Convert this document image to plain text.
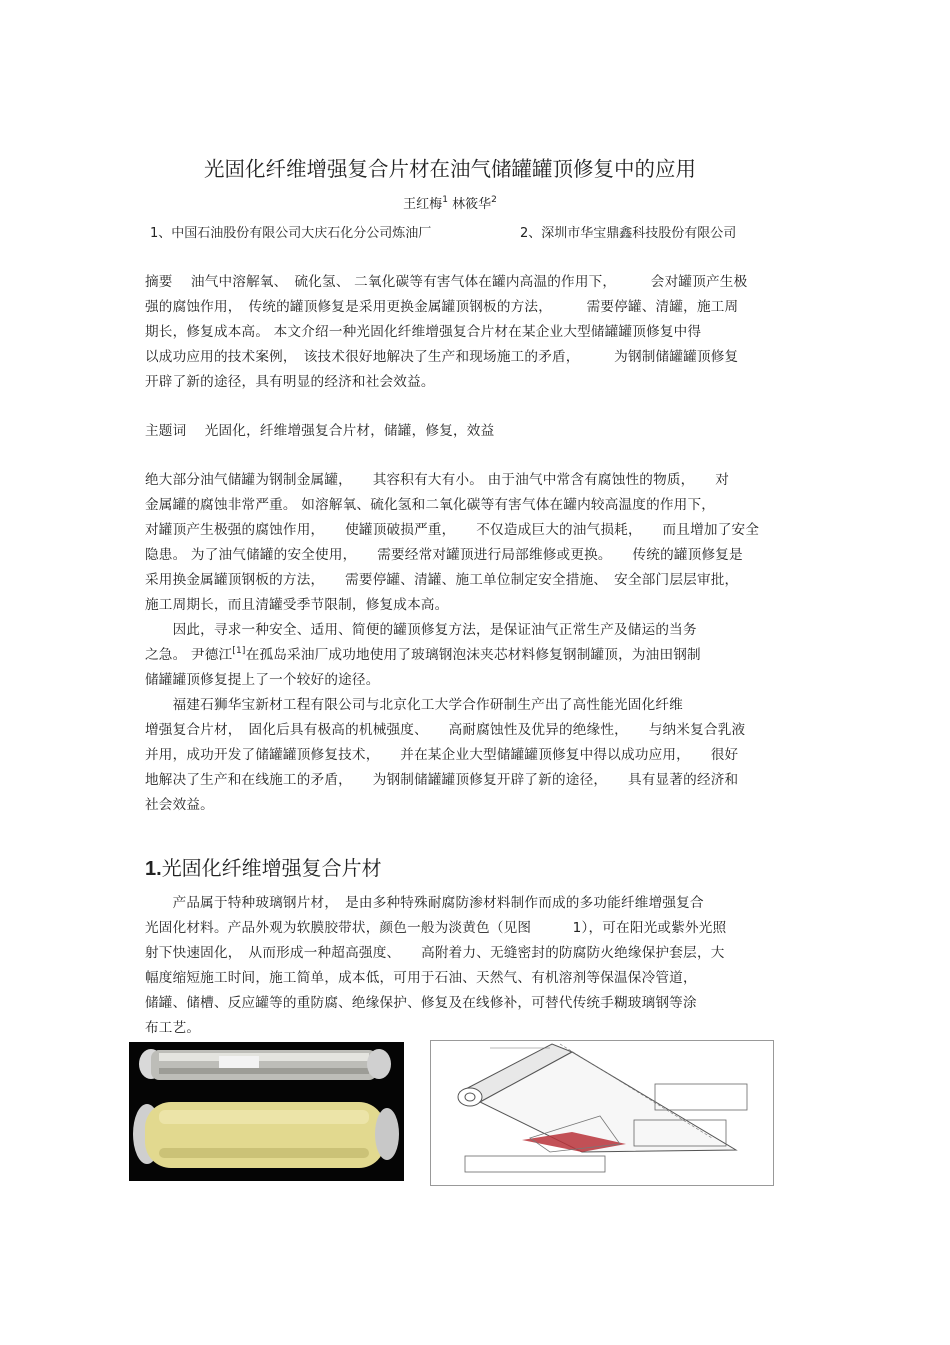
光固化纤维增强复合片材在油气储罐罐顶修复中的应用
王红梅$^1$ 林筱华$^2$
1、中国石油股份有限公司大庆石化分公司炼油厂	2、深圳市华宝鼎鑫科技股份有限公司
摘要　 油气中溶解氧、　硫化氢、 二氧化碳等有害气体在罐内高温的作用下，　　　会对罐顶产生极
强的腐蚀作用，　传统的罐顶修复是采用更换金属罐顶钢板的方法，　　　需要停罐、清罐，施工周
期长，修复成本高。 本文介绍一种光固化纤维增强复合片材在某企业大型储罐罐顶修复中得
以成功应用的技术案例，　该技术很好地解决了生产和现场施工的矛盾，　　　为钢制储罐罐顶修复
开辟了新的途径，具有明显的经济和社会效益。
主题词　 光固化，纤维增强复合片材，储罐，修复，效益
绝大部分油气储罐为钢制金属罐，　　其容积有大有小。 由于油气中常含有腐蚀性的物质，　　对
金属罐的腐蚀非常严重。 如溶解氧、硫化氢和二氧化碳等有害气体在罐内较高温度的作用下，
对罐顶产生极强的腐蚀作用，　　使罐顶破损严重，　　不仅造成巨大的油气损耗，　　而且增加了安全
隐患。 为了油气储罐的安全使用，　　需要经常对罐顶进行局部维修或更换。　　传统的罐顶修复是
采用换金属罐顶钢板的方法，　　需要停罐、清罐、施工单位制定安全措施、　安全部门层层审批，
施工周期长，而且清罐受季节限制，修复成本高。
　　因此，寻求一种安全、适用、简便的罐顶修复方法，是保证油气正常生产及储运的当务
之急。 尹德江[1]在孤岛采油厂成功地使用了玻璃钢泡沫夹芯材料修复钢制罐顶，为油田钢制
储罐罐顶修复提上了一个较好的途径。
　　福建石狮华宝新材工程有限公司与北京化工大学合作研制生产出了高性能光固化纤维
增强复合片材，　固化后具有极高的机械强度、　　高耐腐蚀性及优异的绝缘性，　　与纳米复合乳液
并用，成功开发了储罐罐顶修复技术，　　并在某企业大型储罐罐顶修复中得以成功应用，　　很好
地解决了生产和在线施工的矛盾，　　为钢制储罐罐顶修复开辟了新的途径，　　具有显著的经济和
社会效益。
1.光固化纤维增强复合片材
　　产品属于特种玻璃钢片材，　是由多种特殊耐腐防渗材料制作而成的多功能纤维增强复合
光固化材料。产品外观为软膜胶带状，颜色一般为淡黄色（见图　　　1），可在阳光或紫外光照
射下快速固化，　从而形成一种超高强度、　　高附着力、无缝密封的防腐防火绝缘保护套层，大
幅度缩短施工时间，施工简单，成本低，可用于石油、天然气、有机溶剂等保温保冷管道，
储罐、储槽、反应罐等的重防腐、绝缘保护、修复及在线修补，可替代传统手糊玻璃钢等涂
布工艺。
